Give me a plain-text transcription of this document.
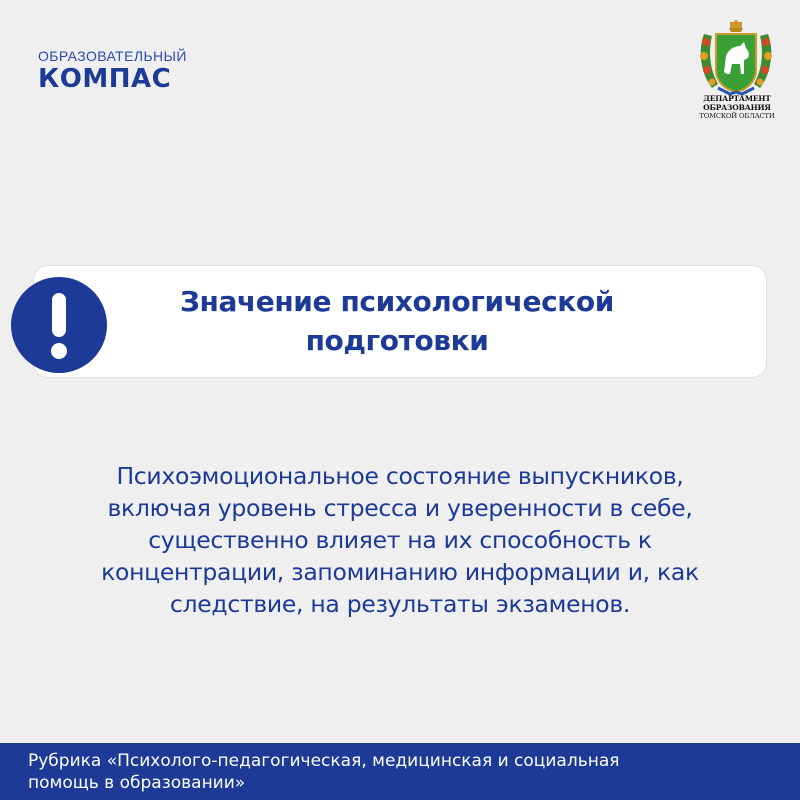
ОБРАЗОВАТЕЛЬНЫЙ
КОМПАС
ДЕПАРТАМЕНТ
ОБРАЗОВАНИЯ
ТОМСКОЙ ОБЛАСТИ
Значение психологической
подготовки
Психоэмоциональное состояние выпускников,
включая уровень стресса и уверенности в себе,
существенно влияет на их способность к
концентрации, запоминанию информации и, как
следствие, на результаты экзаменов.
Рубрика «Психолого-педагогическая, медицинская и социальная
помощь в образовании»
